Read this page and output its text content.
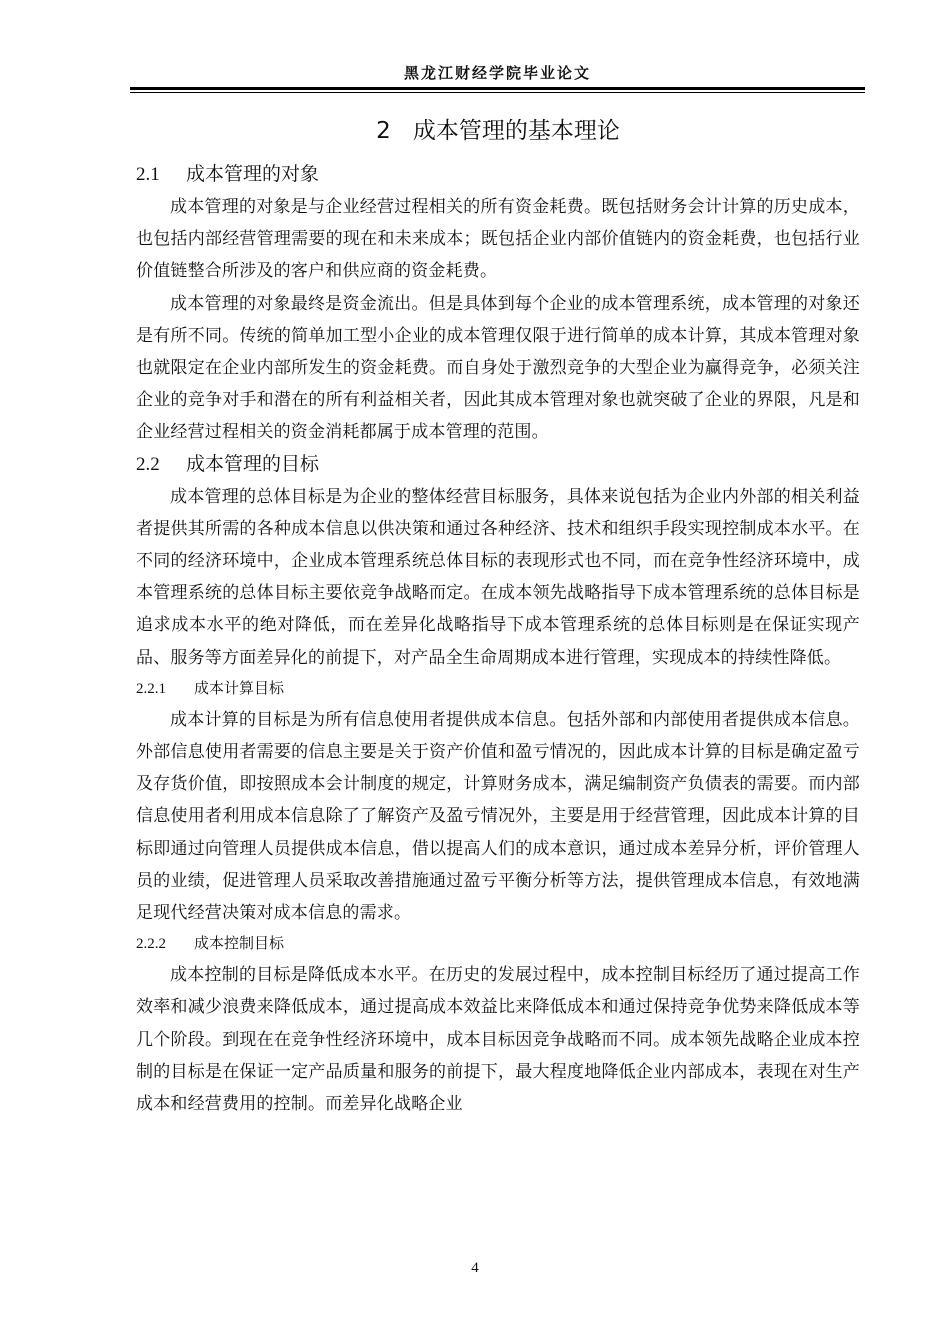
黑龙江财经学院毕业论文
2 成本管理的基本理论
2.1 成本管理的对象

成本管理的对象是与企业经营过程相关的所有资金耗费。既包括财务会计计算的历史成本，也包括内部经营管理需要的现在和未来成本；既包括企业内部价值链内的资金耗费，也包括行业价值链整合所涉及的客户和供应商的资金耗费。

成本管理的对象最终是资金流出。但是具体到每个企业的成本管理系统，成本管理的对象还是有所不同。传统的简单加工型小企业的成本管理仅限于进行简单的成本计算，其成本管理对象也就限定在企业内部所发生的资金耗费。而自身处于激烈竞争的大型企业为赢得竞争，必须关注企业的竞争对手和潜在的所有利益相关者，因此其成本管理对象也就突破了企业的界限，凡是和企业经营过程相关的资金消耗都属于成本管理的范围。

2.2 成本管理的目标

成本管理的总体目标是为企业的整体经营目标服务，具体来说包括为企业内外部的相关利益者提供其所需的各种成本信息以供决策和通过各种经济、技术和组织手段实现控制成本水平。在不同的经济环境中，企业成本管理系统总体目标的表现形式也不同，而在竞争性经济环境中，成本管理系统的总体目标主要依竞争战略而定。在成本领先战略指导下成本管理系统的总体目标是追求成本水平的绝对降低，而在差异化战略指导下成本管理系统的总体目标则是在保证实现产品、服务等方面差异化的前提下，对产品全生命周期成本进行管理，实现成本的持续性降低。

2.2.1 成本计算目标

成本计算的目标是为所有信息使用者提供成本信息。包括外部和内部使用者提供成本信息。外部信息使用者需要的信息主要是关于资产价值和盈亏情况的，因此成本计算的目标是确定盈亏及存货价值，即按照成本会计制度的规定，计算财务成本，满足编制资产负债表的需要。而内部信息使用者利用成本信息除了了解资产及盈亏情况外，主要是用于经营管理，因此成本计算的目标即通过向管理人员提供成本信息，借以提高人们的成本意识，通过成本差异分析，评价管理人员的业绩，促进管理人员采取改善措施通过盈亏平衡分析等方法，提供管理成本信息，有效地满足现代经营决策对成本信息的需求。

2.2.2 成本控制目标

成本控制的目标是降低成本水平。在历史的发展过程中，成本控制目标经历了通过提高工作效率和减少浪费来降低成本，通过提高成本效益比来降低成本和通过保持竞争优势来降低成本等几个阶段。到现在在竞争性经济环境中，成本目标因竞争战略而不同。成本领先战略企业成本控制的目标是在保证一定产品质量和服务的前提下，最大程度地降低企业内部成本，表现在对生产成本和经营费用的控制。而差异化战略企业

4
